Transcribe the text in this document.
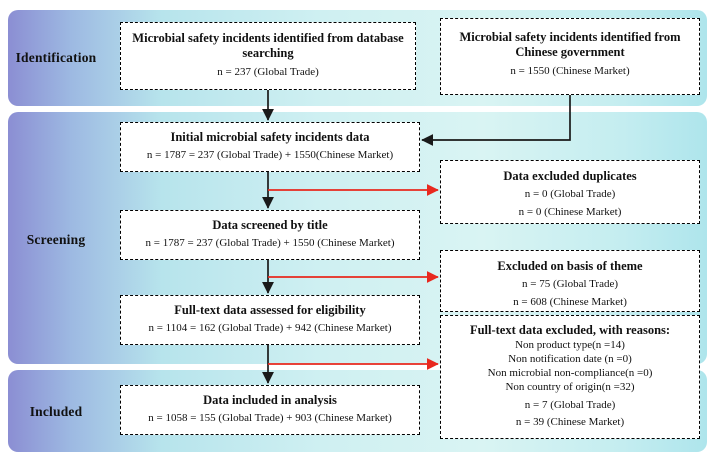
Identification
Screening
Included
Microbial safety incidents identified from database searching
n = 237 (Global Trade)
Microbial safety incidents identified from Chinese government
n = 1550 (Chinese Market)
Initial microbial safety incidents data
n = 1787 = 237 (Global Trade) + 1550(Chinese Market)
Data screened by title
n = 1787 = 237 (Global Trade) + 1550 (Chinese Market)
Full-text data assessed for eligibility
n = 1104 = 162 (Global Trade) + 942 (Chinese Market)
Data included in analysis
n = 1058 = 155 (Global Trade) + 903 (Chinese Market)
Data excluded duplicates
n = 0 (Global Trade)
n = 0 (Chinese Market)
Excluded on basis of theme
n = 75 (Global Trade)
n = 608 (Chinese Market)
Full-text data excluded, with reasons:
Non product type(n =14)
Non notification date (n =0)
Non microbial non-compliance(n =0)
Non country of origin(n =32)
n = 7 (Global Trade)
n = 39 (Chinese Market)
